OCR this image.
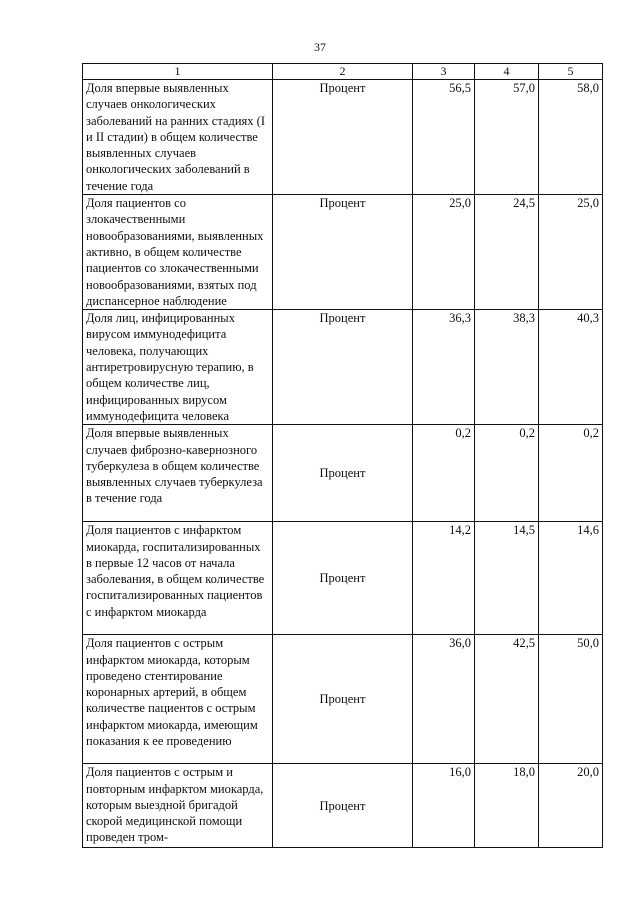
37
1	2	3	4	5
Доля впервые выявленных случаев онкологических заболеваний на ранних стадиях (I и II стадии) в общем количестве выявленных случаев онкологических заболеваний в течение года	Процент	56,5	57,0	58,0
Доля пациентов со злокачественными новообразованиями, выявленных активно, в общем количестве пациентов со злокачественными новообразованиями, взятых под диспансерное наблюдение	Процент	25,0	24,5	25,0
Доля лиц, инфицированных вирусом иммунодефицита человека, получающих антиретровирусную терапию, в общем количестве лиц, инфицированных вирусом иммунодефицита человека	Процент	36,3	38,3	40,3
Доля впервые выявленных случаев фиброзно-кавернозного туберкулеза в общем количестве выявленных случаев туберкулеза в течение года	Процент	0,2	0,2	0,2
Доля пациентов с инфарктом миокарда, госпитализированных в первые 12 часов от начала заболевания, в общем количестве госпитализированных пациентов с инфарктом миокарда	Процент	14,2	14,5	14,6
Доля пациентов с острым инфарктом миокарда, которым проведено стентирование коронарных артерий, в общем количестве пациентов с острым инфарктом миокарда, имеющим показания к ее проведению	Процент	36,0	42,5	50,0
Доля пациентов с острым и повторным инфарктом миокарда, которым выездной бригадой скорой медицинской помощи проведен тром-	Процент	16,0	18,0	20,0
